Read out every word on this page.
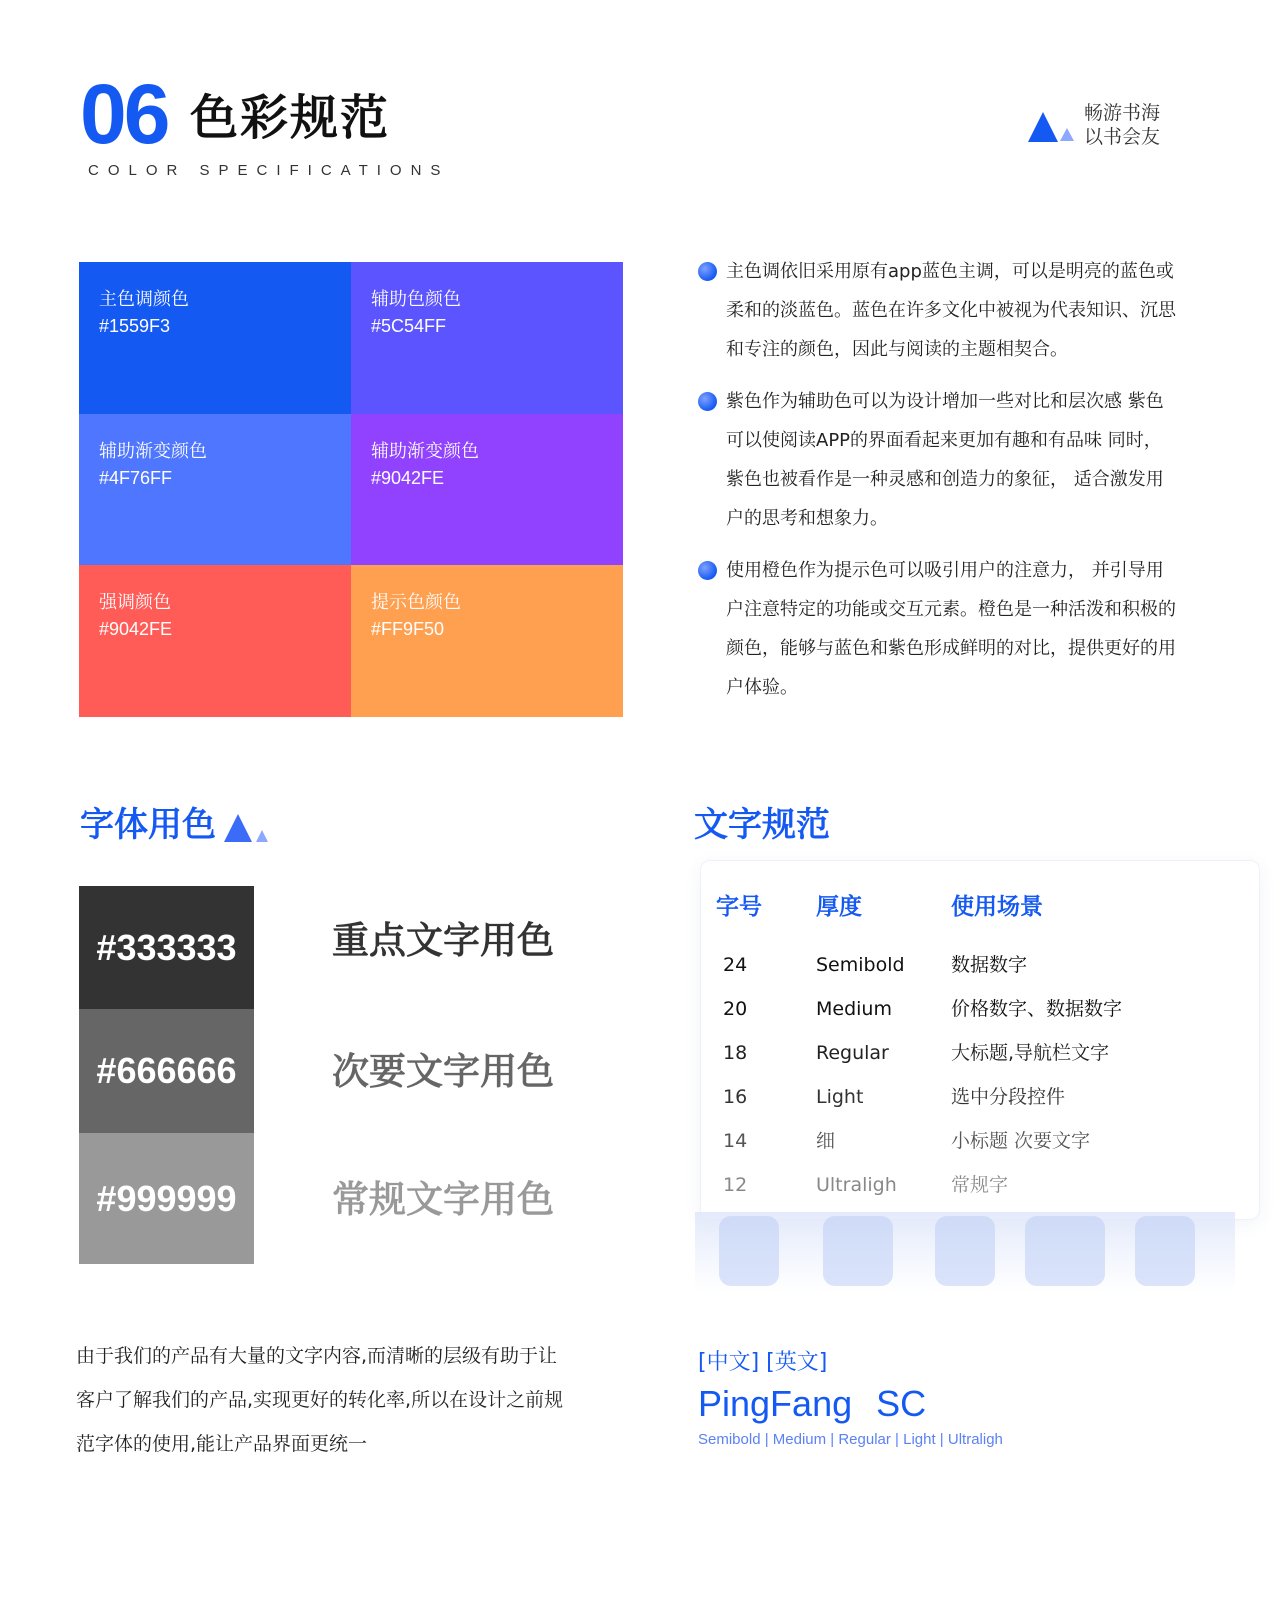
06 色彩规范
COLOR SPECIFICATIONS
畅游书海
以书会友
主色调颜色
#1559F3
辅助色颜色
#5C54FF
辅助渐变颜色
#4F76FF
辅助渐变颜色
#9042FE
强调颜色
#9042FE
提示色颜色
#FF9F50
主色调依旧采用原有app蓝色主调，可以是明亮的蓝色或柔和的淡蓝色。蓝色在许多文化中被视为代表知识、沉思和专注的颜色，因此与阅读的主题相契合。
紫色作为辅助色可以为设计增加一些对比和层次感 紫色可以使阅读APP的界面看起来更加有趣和有品味 同时，紫色也被看作是一种灵感和创造力的象征， 适合激发用户的思考和想象力。
使用橙色作为提示色可以吸引用户的注意力， 并引导用户注意特定的功能或交互元素。橙色是一种活泼和积极的颜色，能够与蓝色和紫色形成鲜明的对比，提供更好的用户体验。
字体用色
#333333
#666666
#999999
重点文字用色
次要文字用色
常规文字用色
由于我们的产品有大量的文字内容,而清晰的层级有助于让客户了解我们的产品,实现更好的转化率,所以在设计之前规范字体的使用,能让产品界面更统一
文字规范
字号 厚度	使用场景
24	Semibold 数据数字
20	Medium	价格数字、数据数字
18	Regular	大标题,导航栏文字
16	Light	选中分段控件
14	细	小标题 次要文字
12	Ultraligh	常规字
[中文] [英文]
PingFang SC
Semibold | Medium | Regular | Light | Ultraligh
